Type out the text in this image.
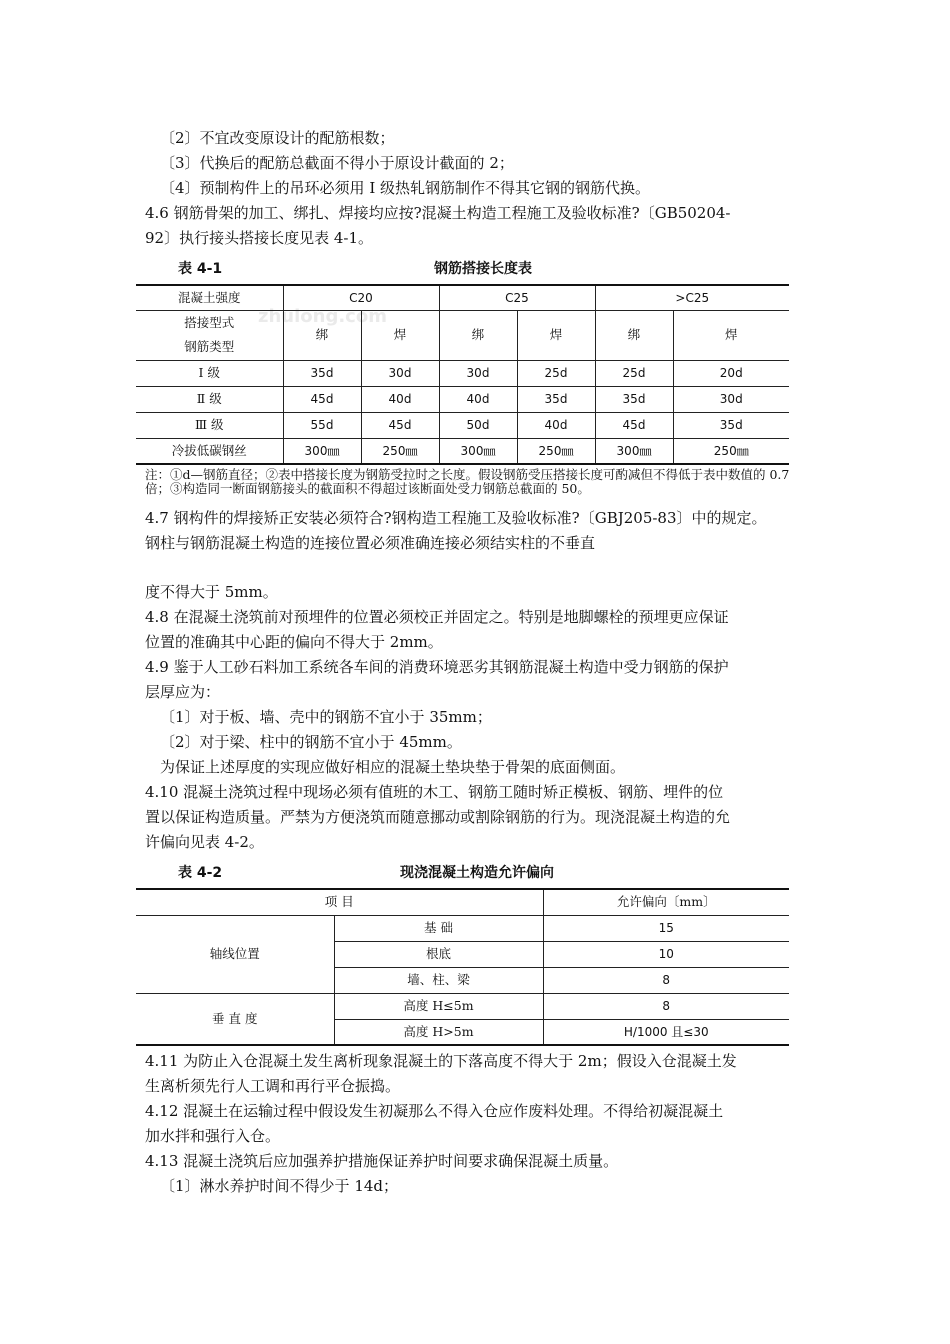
〔2〕不宜改变原设计的配筋根数；
〔3〕代换后的配筋总截面不得小于原设计截面的 2；
〔4〕预制构件上的吊环必须用 I 级热轧钢筋制作不得其它钢的钢筋代换。
4.6 钢筋骨架的加工、绑扎、焊接均应按?混凝土构造工程施工及验收标准?〔GB50204-
92〕执行接头搭接长度见表 4-1。
表 4-1	钢筋搭接长度表
zhulong.com
混凝土强度	C20		C25		>C25	

搭接型式
钢筋类型	绑	焊	绑	焊	绑	焊
Ⅰ 级	35d	30d	30d	25d	25d	20d
Ⅱ 级	45d	40d	40d	35d	35d	30d
Ⅲ 级	55d	45d	50d	40d	45d	35d
冷拔低碳钢丝	300㎜	250㎜	300㎜	250㎜	300㎜	250㎜
注：①d—钢筋直径；②表中搭接长度为钢筋受拉时之长度。假设钢筋受压搭接长度可酌减但不得低于表中数值的 0.7 倍；③构造同一断面钢筋接头的截面积不得超过该断面处受力钢筋总截面的 50。
4.7 钢构件的焊接矫正安装必须符合?钢构造工程施工及验收标准?〔GBJ205-83〕中的规定。
钢柱与钢筋混凝土构造的连接位置必须准确连接必须结实柱的不垂直
度不得大于 5mm。
4.8 在混凝土浇筑前对预埋件的位置必须校正并固定之。特别是地脚螺栓的预埋更应保证
位置的准确其中心距的偏向不得大于 2mm。
4.9 鉴于人工砂石料加工系统各车间的消费环境恶劣其钢筋混凝土构造中受力钢筋的保护
层厚应为：
〔1〕对于板、墙、壳中的钢筋不宜小于 35mm；
〔2〕对于梁、柱中的钢筋不宜小于 45mm。
为保证上述厚度的实现应做好相应的混凝土垫块垫于骨架的底面侧面。
4.10 混凝土浇筑过程中现场必须有值班的木工、钢筋工随时矫正模板、钢筋、埋件的位
置以保证构造质量。严禁为方便浇筑而随意挪动或割除钢筋的行为。现浇混凝土构造的允
许偏向见表 4-2。
表 4-2	现浇混凝土构造允许偏向
项 目		允许偏向〔mm〕
轴线位置	基 础	15
	根底	10
	墙、柱、梁	8
垂 直 度	高度 H≤5m	8
	高度 H>5m	H/1000 且≤30
4.11 为防止入仓混凝土发生离析现象混凝土的下落高度不得大于 2m；假设入仓混凝土发
生离析须先行人工调和再行平仓振捣。
4.12 混凝土在运输过程中假设发生初凝那么不得入仓应作废料处理。不得给初凝混凝土
加水拌和强行入仓。
4.13 混凝土浇筑后应加强养护措施保证养护时间要求确保混凝土质量。
〔1〕淋水养护时间不得少于 14d；
